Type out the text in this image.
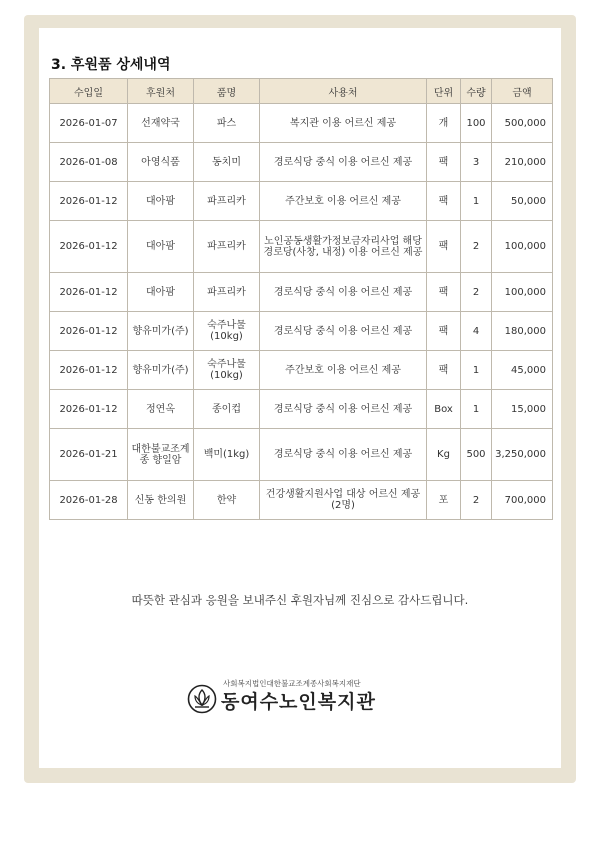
3. 후원품 상세내역
수입일	후원처	품명	사용처	단위	수량	금액
2026-01-07	선재약국	파스	복지관 이용 어르신 제공	개	100	500,000
2026-01-08	아영식품	동치미	경로식당 중식 이용 어르신 제공	팩	3	210,000
2026-01-12	대아팜	파프리카	주간보호 이용 어르신 제공	팩	1	50,000
2026-01-12	대아팜	파프리카	노인공동생활가정보금자리사업 해당 경로당(사창, 내정) 이용 어르신 제공	팩	2	100,000
2026-01-12	대아팜	파프리카	경로식당 중식 이용 어르신 제공	팩	2	100,000
2026-01-12	향유미가(주)	숙주나물(10kg)	경로식당 중식 이용 어르신 제공	팩	4	180,000
2026-01-12	향유미가(주)	숙주나물(10kg)	주간보호 이용 어르신 제공	팩	1	45,000
2026-01-12	정연옥	종이컵	경로식당 중식 이용 어르신 제공	Box	1	15,000
2026-01-21	대한불교조계종 향일암	백미(1kg)	경로식당 중식 이용 어르신 제공	Kg	500	3,250,000
2026-01-28	신동 한의원	한약	건강생활지원사업 대상 어르신 제공(2명)	포	2	700,000
따뜻한 관심과 응원을 보내주신 후원자님께 진심으로 감사드립니다.
사회복지법인대한불교조계종사회복지재단
동여수노인복지관
